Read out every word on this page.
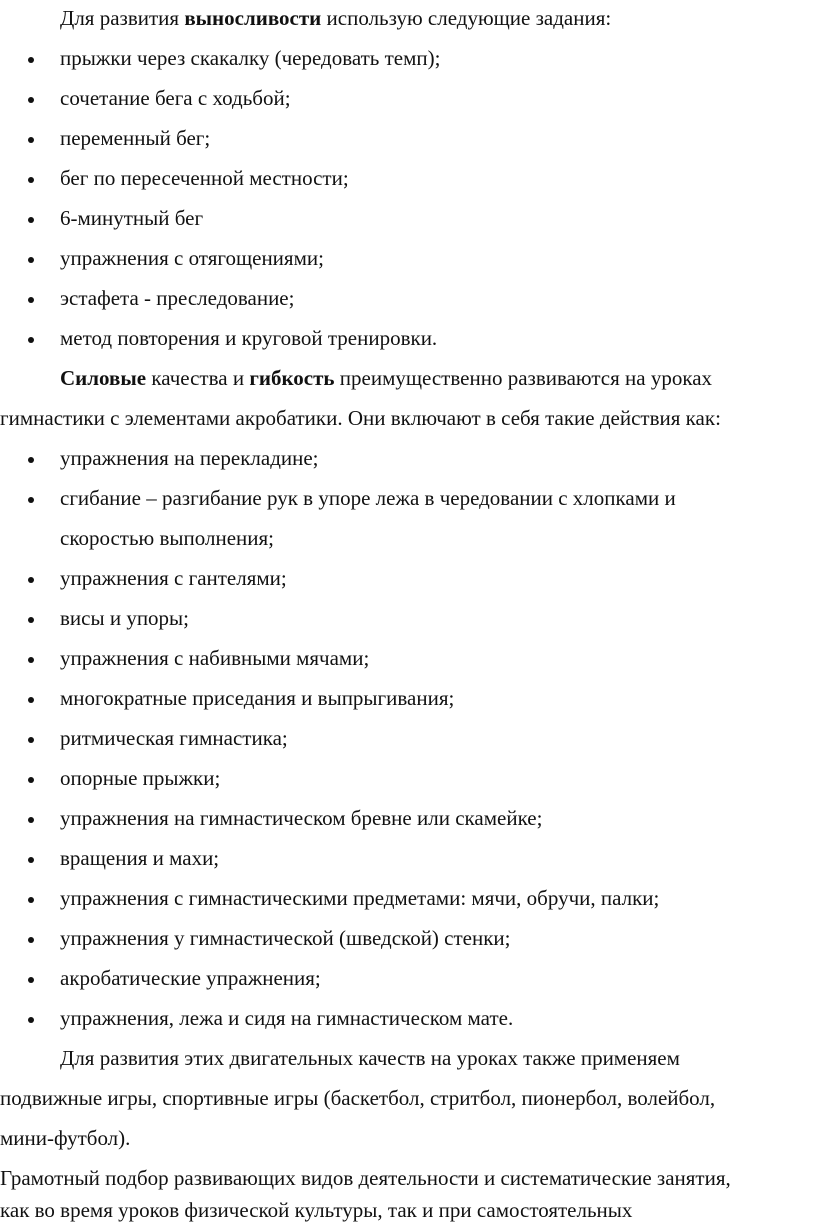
Для развития выносливости использую следующие задания:
прыжки через скакалку (чередовать темп);
сочетание бега с ходьбой;
переменный бег;
бег по пересеченной местности;
6-минутный бег
упражнения с отягощениями;
эстафета - преследование;
метод повторения и круговой тренировки.
Силовые качества и гибкость преимущественно развиваются на уроках
гимнастики с элементами акробатики. Они включают в себя такие действия как:
упражнения на перекладине;
сгибание – разгибание рук в упоре лежа в чередовании с хлопками и
скоростью выполнения;
упражнения с гантелями;
висы и упоры;
упражнения с набивными мячами;
многократные приседания и выпрыгивания;
ритмическая гимнастика;
опорные прыжки;
упражнения на гимнастическом бревне или скамейке;
вращения и махи;
упражнения с гимнастическими предметами: мячи, обручи, палки;
упражнения у гимнастической (шведской) стенки;
акробатические упражнения;
упражнения, лежа и сидя на гимнастическом мате.
Для развития этих двигательных качеств на уроках также применяем
подвижные игры, спортивные игры (баскетбол, стритбол, пионербол, волейбол,
мини-футбол).
Грамотный подбор развивающих видов деятельности и систематические занятия,
как во время уроков физической культуры, так и при самостоятельных
